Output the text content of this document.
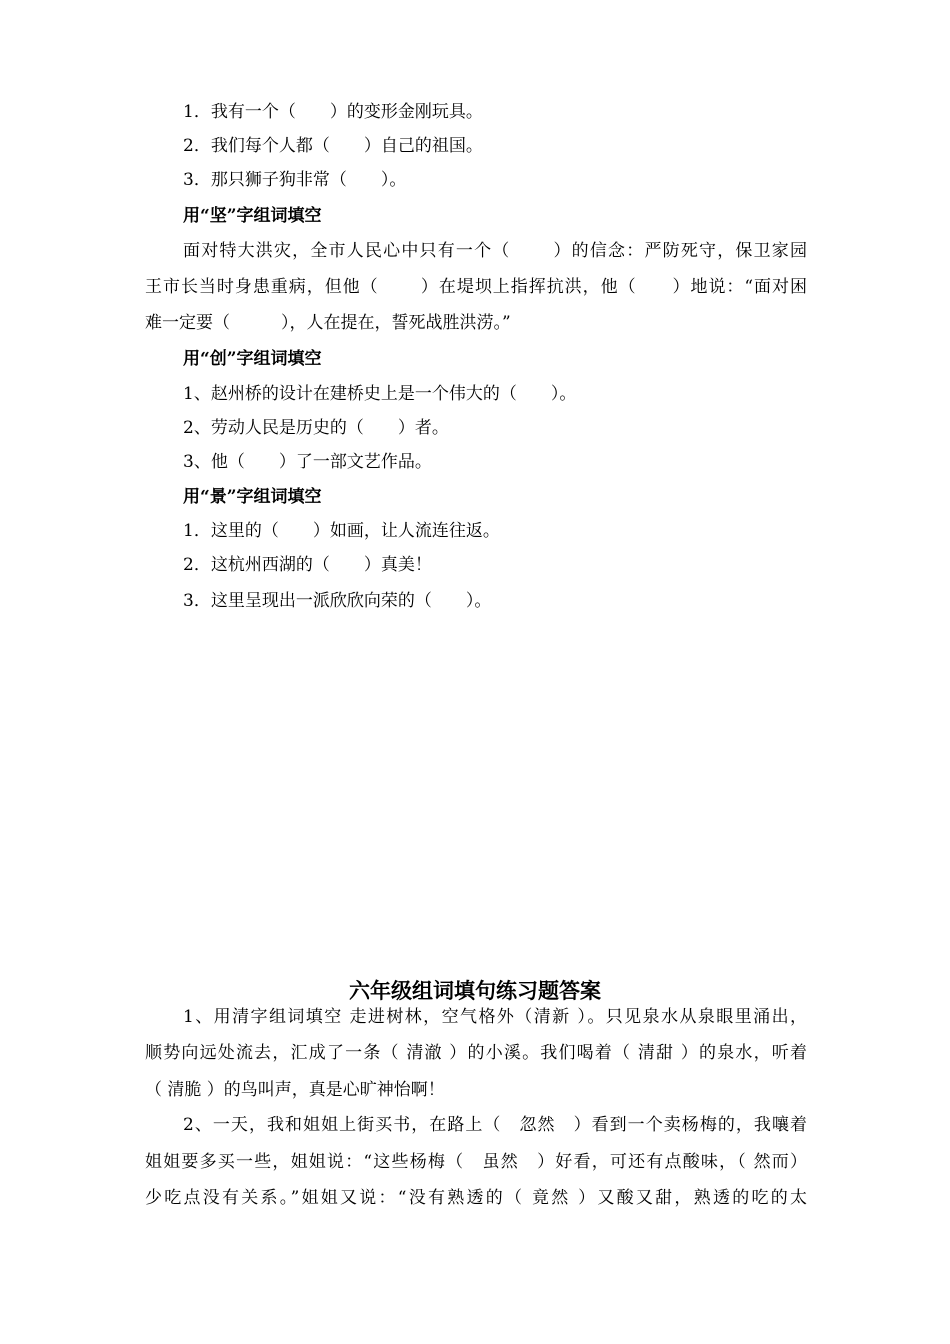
1．我有一个（　　）的变形金刚玩具。
2．我们每个人都（　　）自己的祖国。
3．那只狮子狗非常（　　）。
用“坚”字组词填空
面对特大洪灾，全市人民心中只有一个（　　 ）的信念：严防死守，保卫家园
王市长当时身患重病，但他（　　 ）在堤坝上指挥抗洪，他（　　）地说：“面对困
难一定要（　　　），人在提在，誓死战胜洪涝。”
用“创”字组词填空
1、赵州桥的设计在建桥史上是一个伟大的（　　）。
2、劳动人民是历史的（　　）者。
3、他（　　）了一部文艺作品。
用“景”字组词填空
1．这里的（　　）如画，让人流连往返。
2．这杭州西湖的（　　）真美！
3．这里呈现出一派欣欣向荣的（　　）。
六年级组词填句练习题答案
1、用清字组词填空 走进树林，空气格外（清新 ）。只见泉水从泉眼里涌出，
顺势向远处流去，汇成了一条（ 清澈 ）的小溪。我们喝着（ 清甜 ）的泉水，听着
（ 清脆 ）的鸟叫声，真是心旷神怡啊！
2、一天，我和姐姐上街买书，在路上（　忽然　）看到一个卖杨梅的，我嚷着
姐姐要多买一些，姐姐说：“这些杨梅（　虽然　）好看，可还有点酸味，（ 然而）
少吃点没有关系。”姐姐又说：“没有熟透的（ 竟然 ）又酸又甜，熟透的吃的太
